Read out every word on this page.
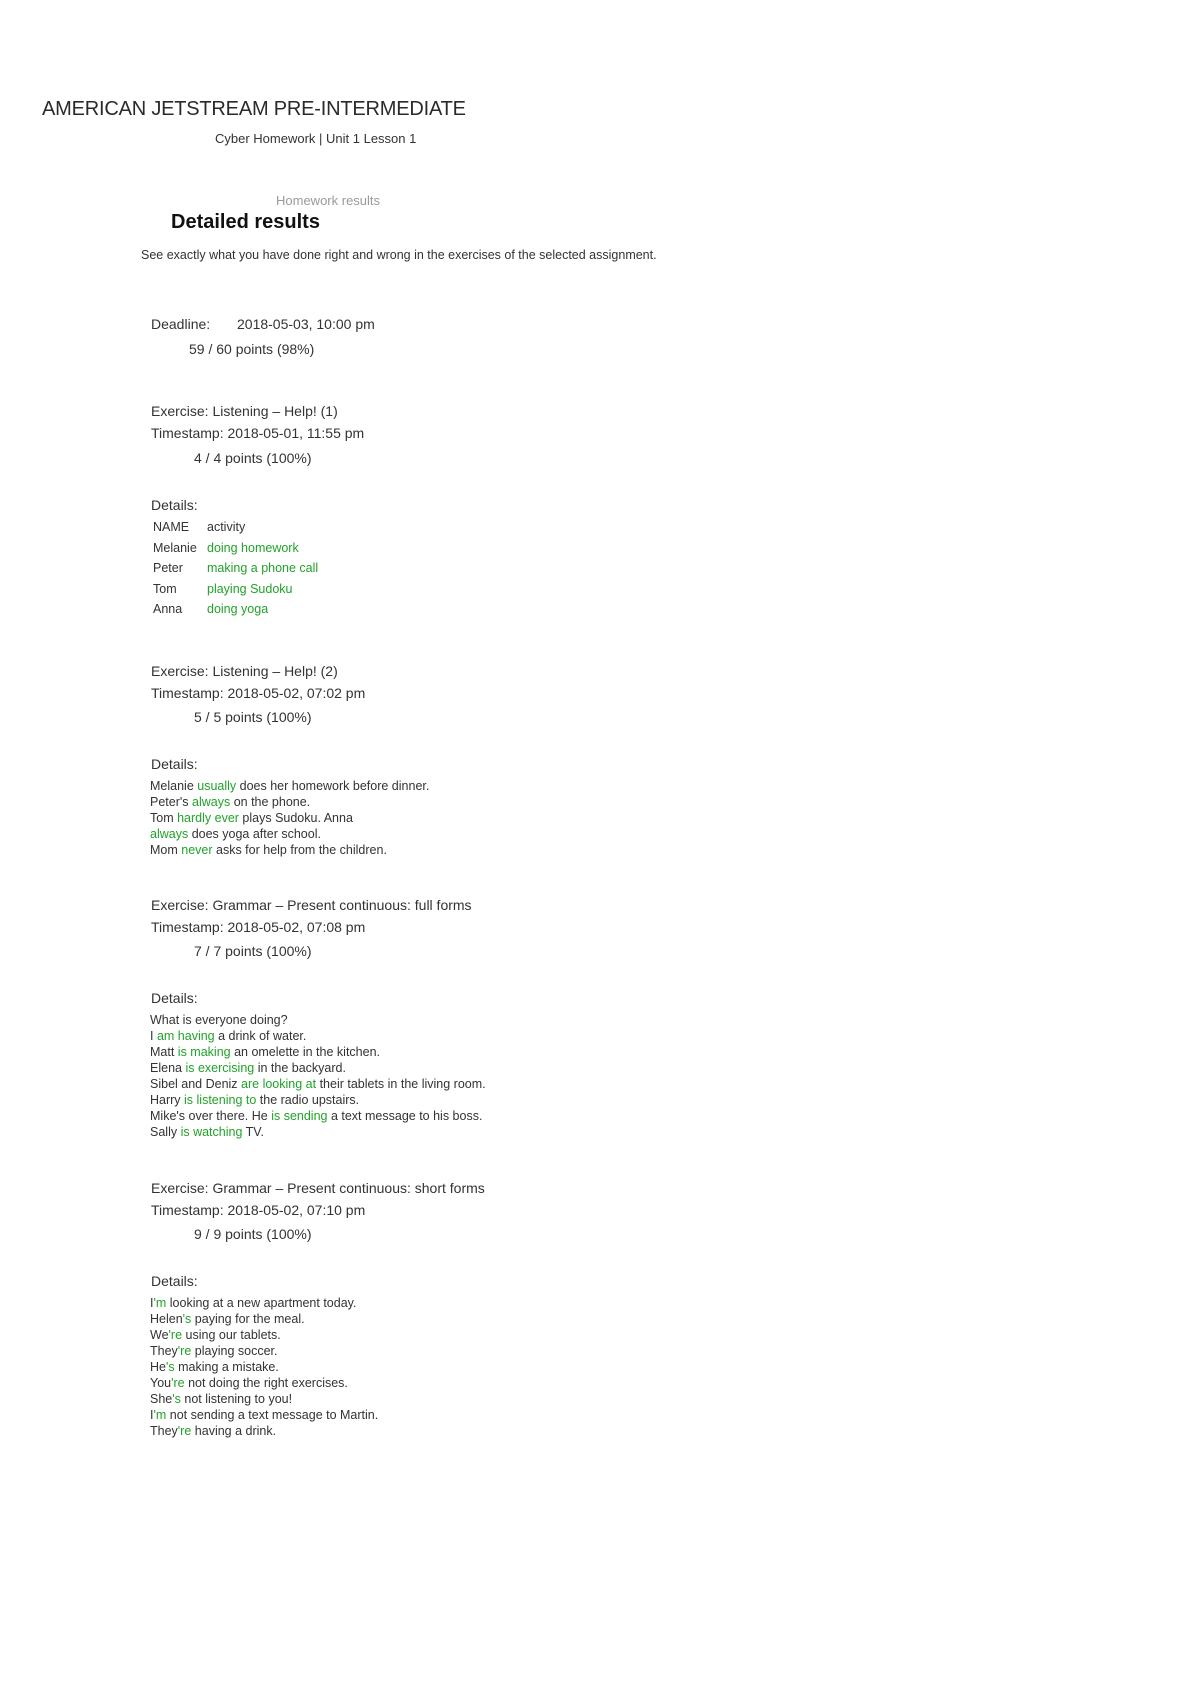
AMERICAN JETSTREAM PRE-INTERMEDIATE
Cyber Homework | Unit 1 Lesson 1
Homework results
Detailed results
See exactly what you have done right and wrong in the exercises of the selected assignment.
Deadline: 2018-05-03, 10:00 pm
59 / 60 points (98%)
Exercise: Listening – Help! (1)
Timestamp: 2018-05-01, 11:55 pm
4 / 4 points (100%)
Details:
NAME	activity
Melanie	doing homework
Peter	making a phone call
Tom	playing Sudoku
Anna	doing yoga
Exercise: Listening – Help! (2)
Timestamp: 2018-05-02, 07:02 pm
5 / 5 points (100%)
Details:
Melanie usually does her homework before dinner.
Peter's always on the phone.
Tom hardly ever plays Sudoku. Anna
always does yoga after school.
Mom never asks for help from the children.
Exercise: Grammar – Present continuous: full forms
Timestamp: 2018-05-02, 07:08 pm
7 / 7 points (100%)
Details:
What is everyone doing?
I am having a drink of water.
Matt is making an omelette in the kitchen.
Elena is exercising in the backyard.
Sibel and Deniz are looking at their tablets in the living room.
Harry is listening to the radio upstairs.
Mike's over there. He is sending a text message to his boss.
Sally is watching TV.
Exercise: Grammar – Present continuous: short forms
Timestamp: 2018-05-02, 07:10 pm
9 / 9 points (100%)
Details:
I'm looking at a new apartment today.
Helen's paying for the meal.
We're using our tablets.
They're playing soccer.
He's making a mistake.
You're not doing the right exercises.
She's not listening to you!
I'm not sending a text message to Martin.
They're having a drink.
